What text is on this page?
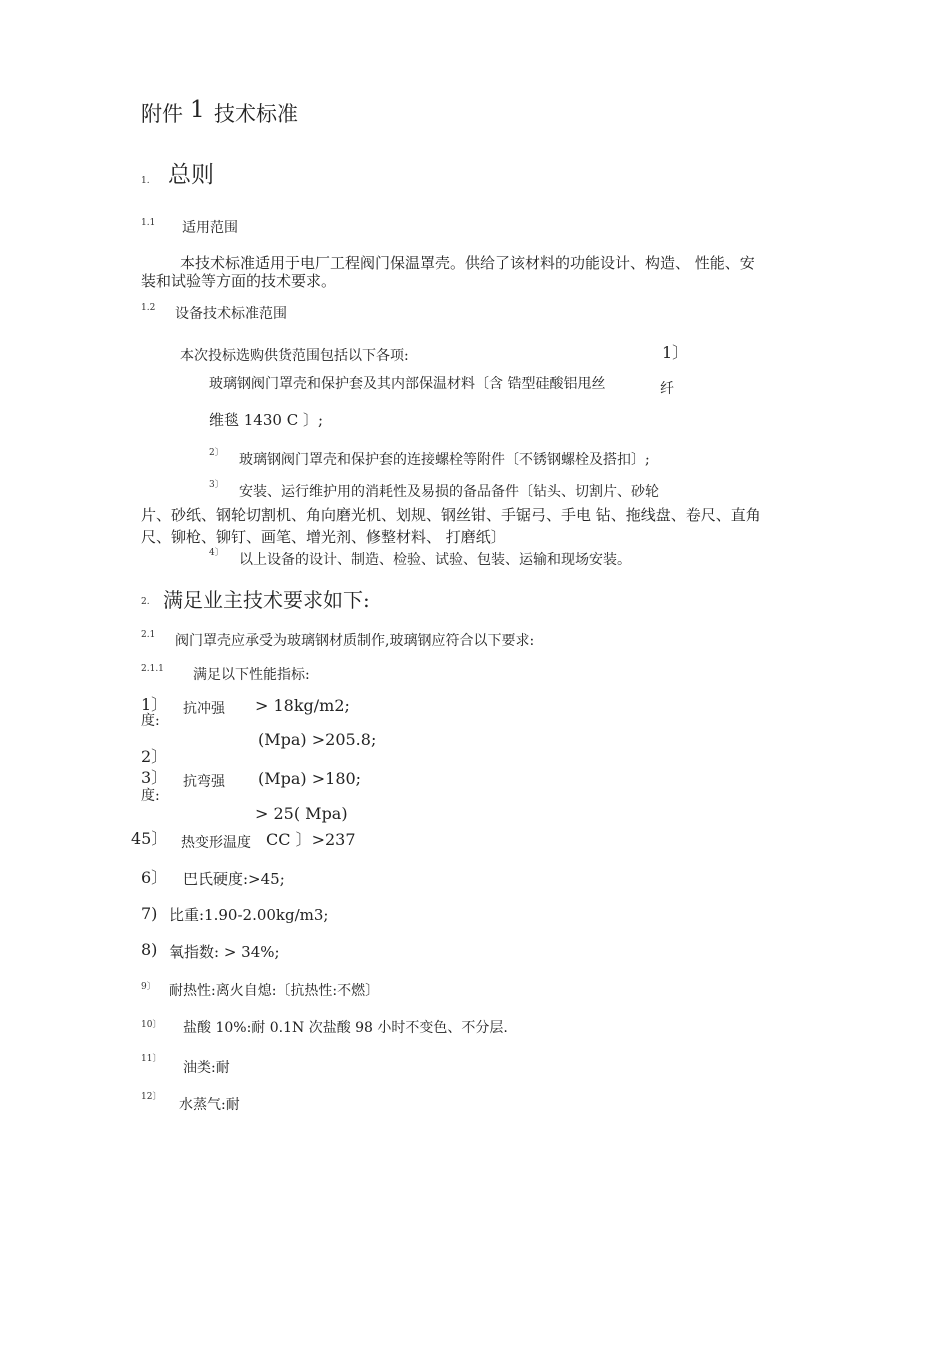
附件 1 技术标准
1. 总则
1.1 适用范围
本技术标准适用于电厂工程阀门保温罩壳。供给了该材料的功能设计、构造、 性能、安
装和试验等方面的技术要求。
1.2 设备技术标准范围
本次投标选购供货范围包括以下各项:	1〕
玻璃钢阀门罩壳和保护套及其内部保温材料〔含 锆型硅酸铝甩丝	纤
维毯 1430 C 〕;
2〕 玻璃钢阀门罩壳和保护套的连接螺栓等附件〔不锈钢螺栓及搭扣〕;
3〕 安装、运行维护用的消耗性及易损的备品备件〔钻头、切割片、砂轮
片、砂纸、钢轮切割机、角向磨光机、划规、钢丝钳、手锯弓、手电 钻、拖线盘、卷尺、直角
尺、铆枪、铆钉、画笔、增光剂、修整材料、 打磨纸〕
4〕 以上设备的设计、制造、检验、试验、包装、运输和现场安装。
2. 满足业主技术要求如下:
2.1 阀门罩壳应承受为玻璃钢材质制作,玻璃钢应符合以下要求:
2.1.1 满足以下性能指标:
1〕
度:
抗冲强 > 18kg/m2;
(Mpa) >205.8;
2〕
3〕
度:
抗弯强 (Mpa) >180;
> 25( Mpa)
45〕 热变形温度 CC 〕>237
6〕 巴氏硬度:>45;
7) 比重:1.90-2.00kg/m3;
8) 氧指数: > 34%;
9〕 耐热性:离火自熄:〔抗热性:不燃〕
10〕 盐酸 10%:耐 0.1N 次盐酸 98 小时不变色、不分层.
11〕
油类:耐
12〕 水蒸气:耐
